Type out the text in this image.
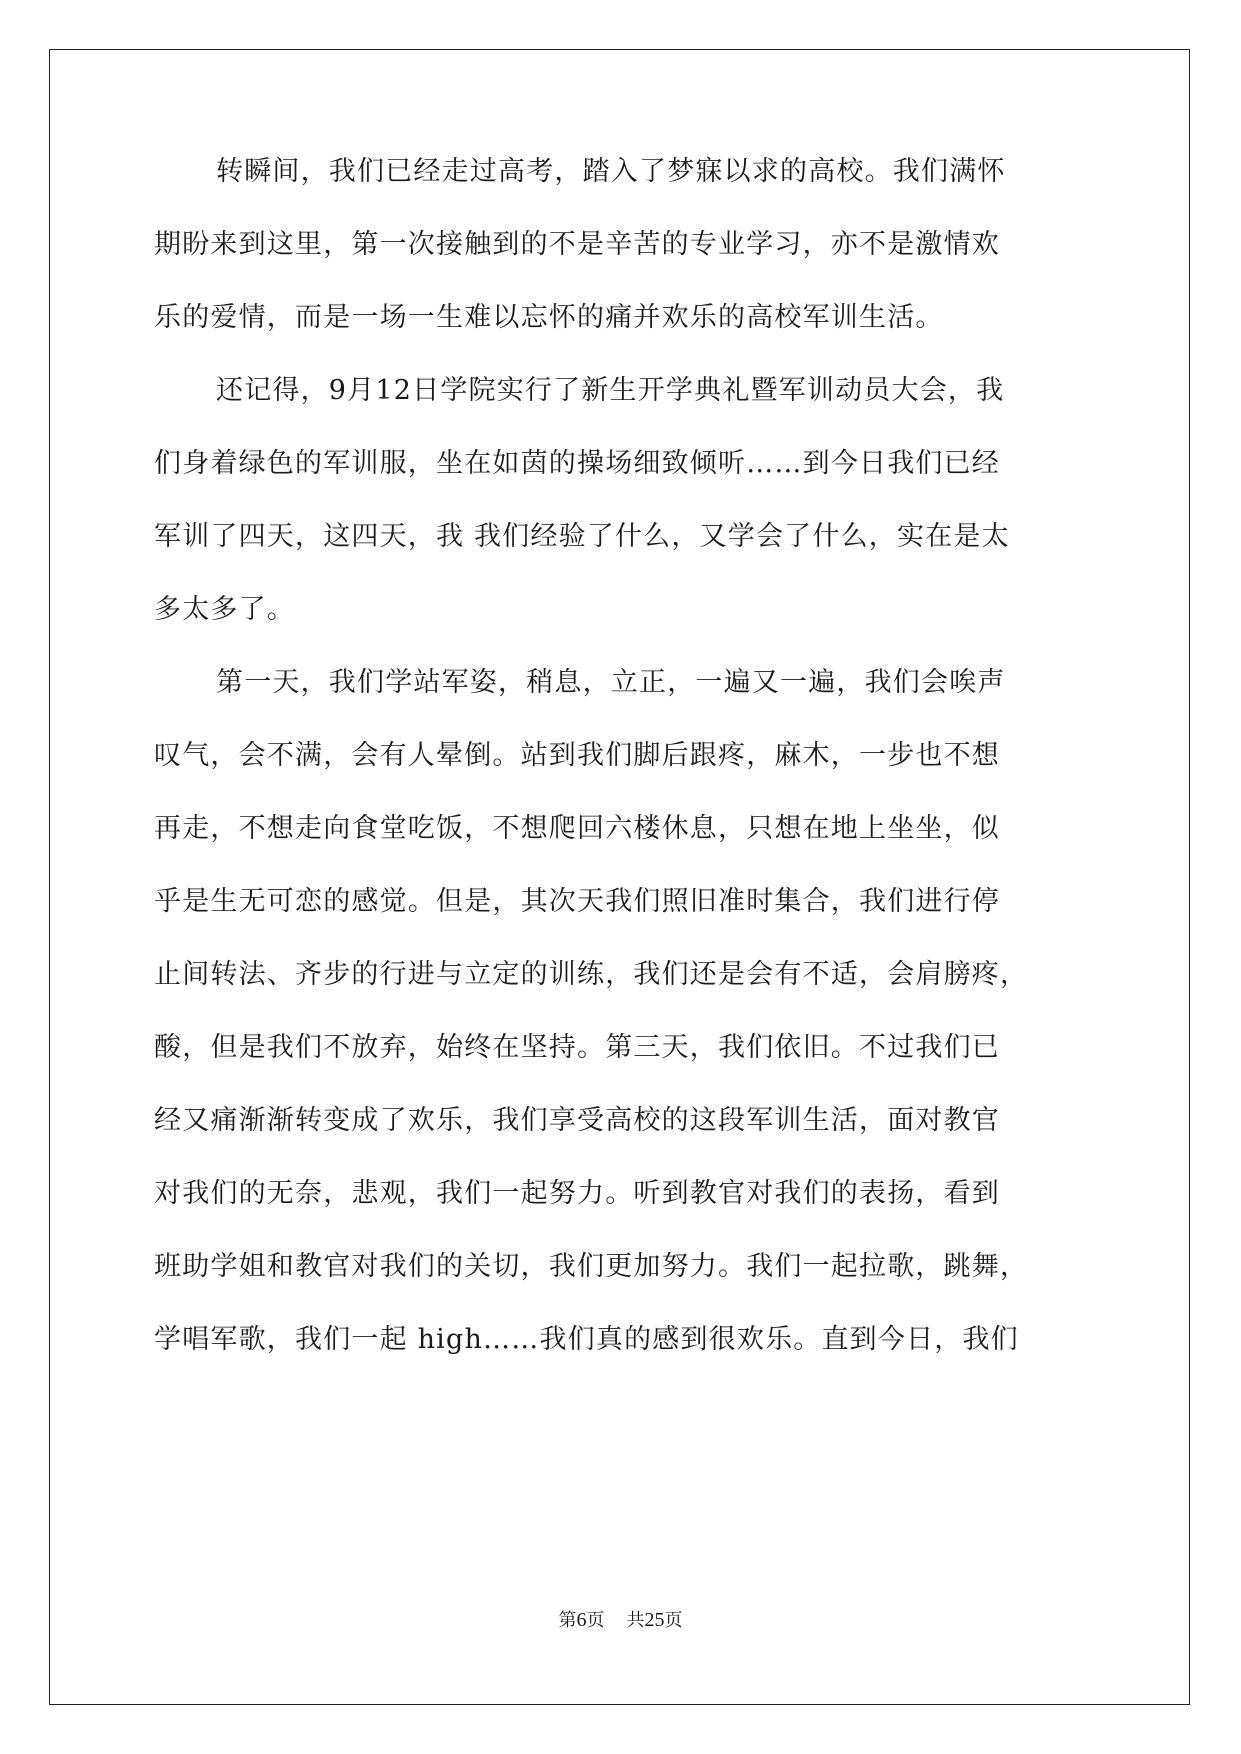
转瞬间，我们已经走过高考，踏入了梦寐以求的高校。我们满怀

期盼来到这里，第一次接触到的不是辛苦的专业学习，亦不是激情欢

乐的爱情，而是一场一生难以忘怀的痛并欢乐的高校军训生活。

还记得，9月12日学院实行了新生开学典礼暨军训动员大会，我

们身着绿色的军训服，坐在如茵的操场细致倾听……到今日我们已经

军训了四天，这四天，我 我们经验了什么，又学会了什么，实在是太

多太多了。

第一天，我们学站军姿，稍息，立正，一遍又一遍，我们会唉声

叹气，会不满，会有人晕倒。站到我们脚后跟疼，麻木，一步也不想

再走，不想走向食堂吃饭，不想爬回六楼休息，只想在地上坐坐，似

乎是生无可恋的感觉。但是，其次天我们照旧准时集合，我们进行停

止间转法、齐步的行进与立定的训练，我们还是会有不适，会肩膀疼，

酸，但是我们不放弃，始终在坚持。第三天，我们依旧。不过我们已

经又痛渐渐转变成了欢乐，我们享受高校的这段军训生活，面对教官

对我们的无奈，悲观，我们一起努力。听到教官对我们的表扬，看到

班助学姐和教官对我们的关切，我们更加努力。我们一起拉歌，跳舞，

学唱军歌，我们一起 high……我们真的感到很欢乐。直到今日，我们

第6页 共25页
